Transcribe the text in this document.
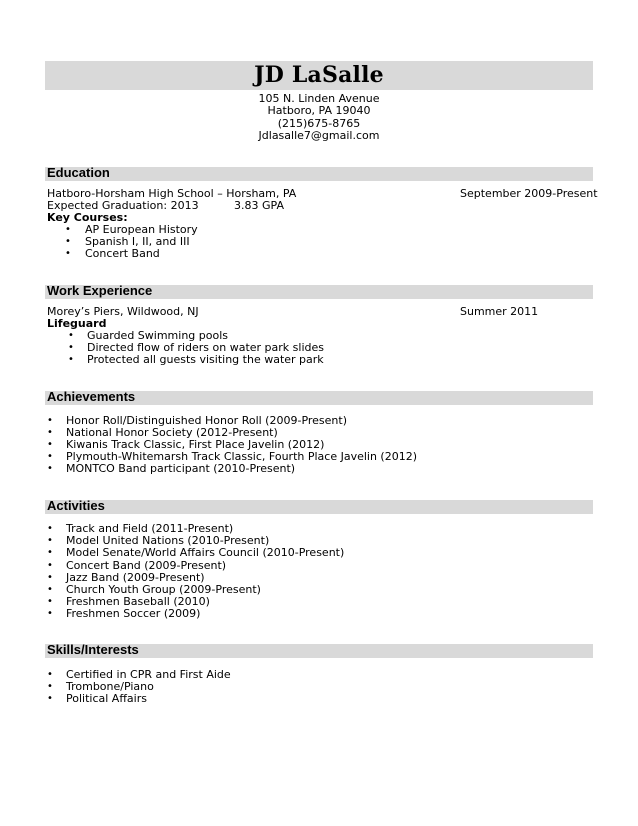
JD LaSalle
105 N. Linden Avenue
Hatboro, PA 19040
(215)675-8765
Jdlasalle7@gmail.com
Education
Hatboro-Horsham High School – Horsham, PA	September 2009-Present
Expected Graduation: 2013	3.83 GPA
Key Courses:
• AP European History
• Spanish I, II, and III
• Concert Band
Work Experience
Morey’s Piers, Wildwood, NJ	Summer 2011
Lifeguard
• Guarded Swimming pools
• Directed flow of riders on water park slides
• Protected all guests visiting the water park
Achievements
• Honor Roll/Distinguished Honor Roll (2009-Present)
• National Honor Society (2012-Present)
• Kiwanis Track Classic, First Place Javelin (2012)
• Plymouth-Whitemarsh Track Classic, Fourth Place Javelin (2012)
• MONTCO Band participant (2010-Present)
Activities
• Track and Field (2011-Present)
• Model United Nations (2010-Present)
• Model Senate/World Affairs Council (2010-Present)
• Concert Band (2009-Present)
• Jazz Band (2009-Present)
• Church Youth Group (2009-Present)
• Freshmen Baseball (2010)
• Freshmen Soccer (2009)
Skills/Interests
• Certified in CPR and First Aide
• Trombone/Piano
• Political Affairs
